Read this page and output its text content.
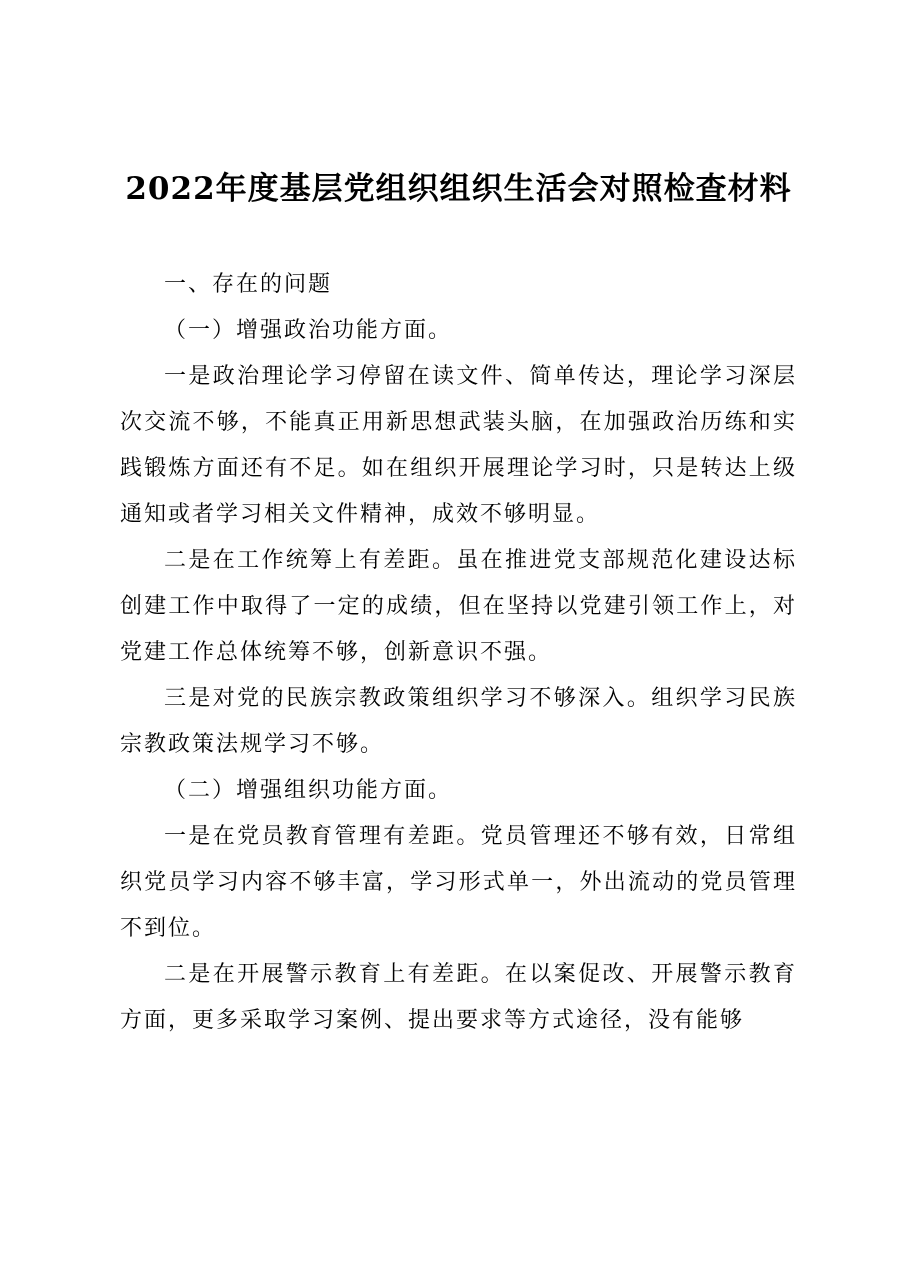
2022年度基层党组织组织生活会对照检查材料

一、存在的问题

（一）增强政治功能方面。

一是政治理论学习停留在读文件、简单传达，理论学习深层次交流不够，不能真正用新思想武装头脑，在加强政治历练和实践锻炼方面还有不足。如在组织开展理论学习时，只是转达上级通知或者学习相关文件精神，成效不够明显。

二是在工作统筹上有差距。虽在推进党支部规范化建设达标创建工作中取得了一定的成绩，但在坚持以党建引领工作上，对党建工作总体统筹不够，创新意识不强。

三是对党的民族宗教政策组织学习不够深入。组织学习民族宗教政策法规学习不够。

（二）增强组织功能方面。

一是在党员教育管理有差距。党员管理还不够有效，日常组织党员学习内容不够丰富，学习形式单一，外出流动的党员管理不到位。

二是在开展警示教育上有差距。在以案促改、开展警示教育方面，更多采取学习案例、提出要求等方式途径，没有能够
